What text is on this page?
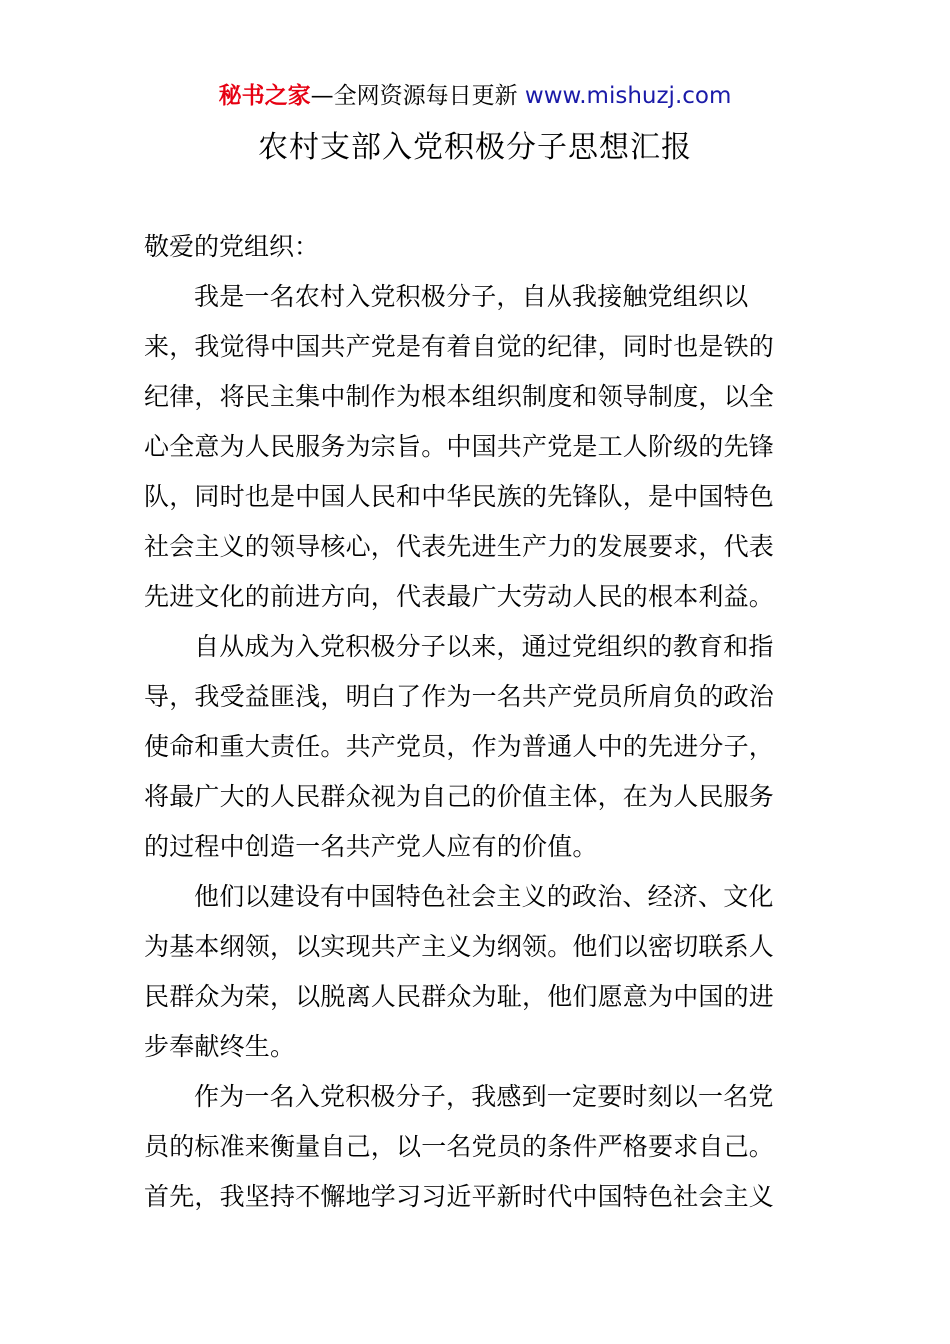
秘书之家—全网资源每日更新 www.mishuzj.com
农村支部入党积极分子思想汇报

敬爱的党组织：

我是一名农村入党积极分子，自从我接触党组织以

来，我觉得中国共产党是有着自觉的纪律，同时也是铁的

纪律，将民主集中制作为根本组织制度和领导制度，以全

心全意为人民服务为宗旨。中国共产党是工人阶级的先锋

队，同时也是中国人民和中华民族的先锋队，是中国特色

社会主义的领导核心，代表先进生产力的发展要求，代表

先进文化的前进方向，代表最广大劳动人民的根本利益。

自从成为入党积极分子以来，通过党组织的教育和指

导，我受益匪浅，明白了作为一名共产党员所肩负的政治

使命和重大责任。共产党员，作为普通人中的先进分子，

将最广大的人民群众视为自己的价值主体，在为人民服务

的过程中创造一名共产党人应有的价值。

他们以建设有中国特色社会主义的政治、经济、文化

为基本纲领，以实现共产主义为纲领。他们以密切联系人

民群众为荣，以脱离人民群众为耻，他们愿意为中国的进

步奉献终生。

作为一名入党积极分子，我感到一定要时刻以一名党

员的标准来衡量自己，以一名党员的条件严格要求自己。

首先，我坚持不懈地学习习近平新时代中国特色社会主义
